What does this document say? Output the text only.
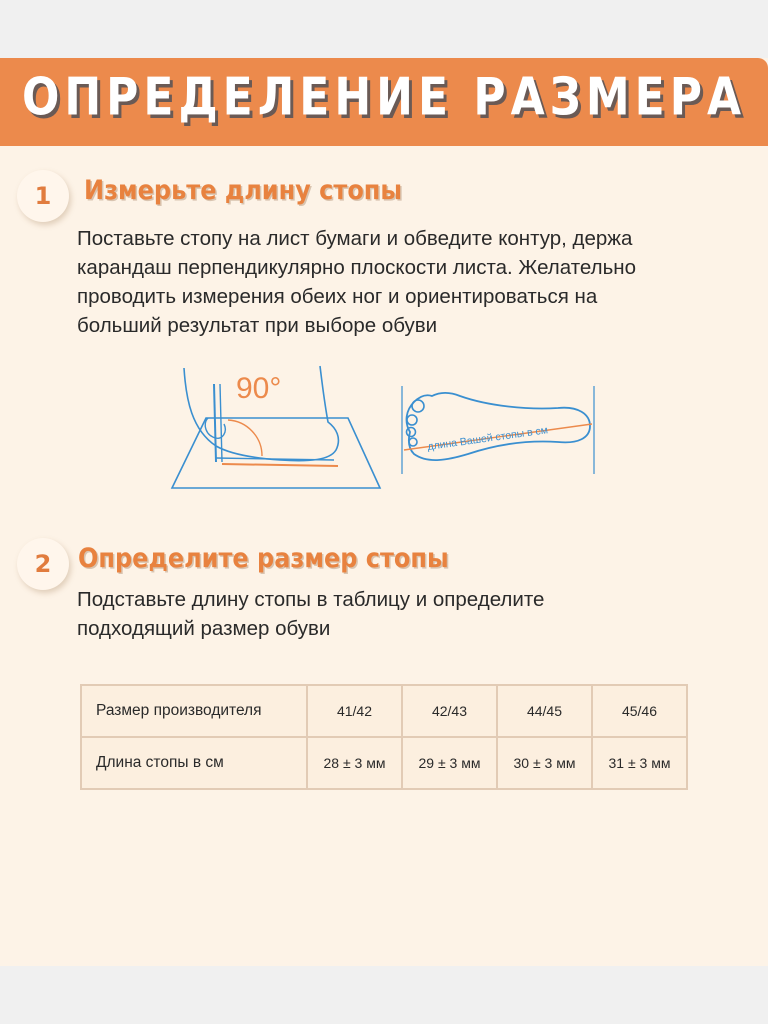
ОПРЕДЕЛЕНИЕ РАЗМЕРА
1	Измерьте длину стопы
Поставьте стопу на лист бумаги и обведите контур, держа
карандаш перпендикулярно плоскости листа. Желательно
проводить измерения обеих ног и ориентироваться на
больший результат при выборе обуви
90°
длина Вашей стопы в см
2	Определите размер стопы
Подставьте длину стопы в таблицу и определите
подходящий размер обуви
Размер производителя	41/42	42/43	44/45	45/46
Длина стопы в см	28 ± 3 мм	29 ± 3 мм	30 ± 3 мм	31 ± 3 мм
